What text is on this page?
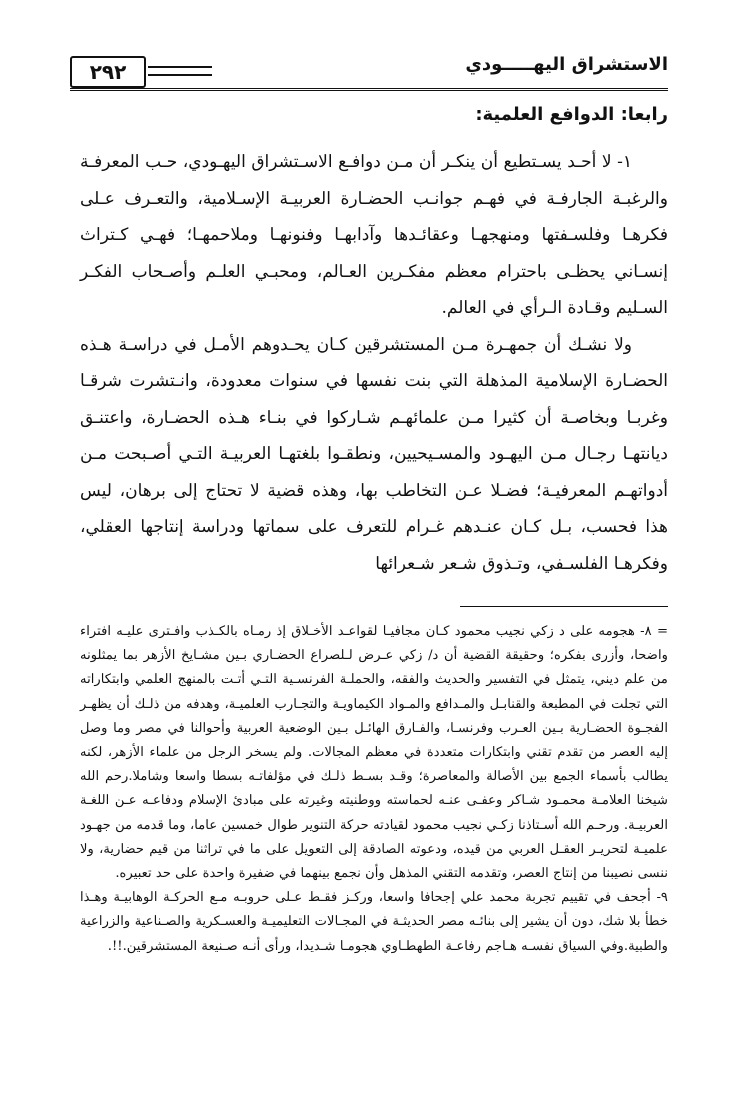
٢٩٢	الاستشراق اليهـــــودي
رابعا: الدوافع العلمية:

١- لا أحـد يسـتطيع أن ينكـر أن مـن دوافـع الاسـتشراق اليهـودي، حـب المعرفـة والرغبـة الجارفـة في فهـم جوانـب الحضـارة العربيـة الإسـلامية، والتعـرف عـلى فكرهـا وفلسـفتها ومنهجهـا وعقائـدها وآدابهـا وفنونهـا وملاحمهـا؛ فهـي كـتراث إنسـاني يحظـى باحترام معظم مفكـرين العـالم، ومحبـي العلـم وأصـحاب الفكـر السـليم وقـادة الـرأي في العالم.

ولا نشـك أن جمهـرة مـن المستشرقين كـان يحـدوهم الأمـل في دراسـة هـذه الحضـارة الإسلامية المذهلة التي بنت نفسها في سنوات معدودة، وانـتشرت شرقـا وغربـا وبخاصـة أن كثيرا مـن علمائهـم شـاركوا في بنـاء هـذه الحضـارة، واعتنـق ديانتهـا رجـال مـن اليهـود والمسـيحيين، ونطقـوا بلغتهـا العربيـة التـي أصـبحت مـن أدواتهـم المعرفيـة؛ فضـلا عـن التخاطب بها، وهذه قضية لا تحتاج إلى برهان، ليس هذا فحسب، بـل كـان عنـدهم غـرام للتعرف على سماتها ودراسة إنتاجها العقلي، وفكرهـا الفلسـفي، وتـذوق شـعر شـعرائها

= ٨- هجومه على د زكي نجيب محمود كـان مجافيـا لقواعـد الأخـلاق إذ رمـاه بالكـذب وافـترى عليـه افتراء واضحا، وأزرى بفكره؛ وحقيقة القضية أن د/ زكي عـرض لـلصراع الحضـاري بـين مشـايخ الأزهر بما يمثلونه من علم ديني، يتمثل في التفسير والحديث والفقه، والحملـة الفرنسـية التـي أتـت بالمنهج العلمي وابتكاراته التي تجلت في المطبعة والقنابـل والمـدافع والمـواد الكيماويـة والتجـارب العلميـة، وهدفه من ذلـك أن يظهـر الفجـوة الحضـارية بـين العـرب وفرنسـا، والفـارق الهائـل بـين الوضعية العربية وأحوالنا في مصر وما وصل إليه العصر من تقدم تقني وابتكارات متعددة في معظم المجالات. ولم يسخر الرجل من علماء الأزهر، لكنه يطالب بأسماء الجمع بين الأصالة والمعاصرة؛ وقـد بسـط ذلـك في مؤلفاتـه بسطا واسعا وشاملا.رحم الله شيخنا العلامـة محمـود شـاكر وعفـى عنـه لحماسته ووطنيته وغيرته على مبادئ الإسلام ودفاعـه عـن اللغـة العربيـة. ورحـم الله أسـتاذنا زكـي نجيب محمود لقيادته حركة التنوير طوال خمسين عاما، وما قدمه من جهـود علميـة لتحريـر العقـل العربي من قيده، ودعوته الصادقة إلى التعويل على ما في تراثنا من قيم حضارية، ولا ننسى نصيبنا من إنتاج العصر، وتقدمه التقني المذهل وأن نجمع بينهما في ضفيرة واحدة على حد تعبيره.

٩- أجحف في تقييم تجربة محمد علي إجحافا واسعا، وركـز فقـط عـلى حروبـه مـع الحركـة الوهابيـة وهـذا خطأ بلا شك، دون أن يشير إلى بنائـه مصر الحديثـة في المجـالات التعليميـة والعسـكرية والصـناعية والزراعية والطبية.وفي السياق نفسـه هـاجم رفاعـة الطهطـاوي هجومـا شـديدا، ورأى أنـه صـنيعة المستشرقين.!!.
